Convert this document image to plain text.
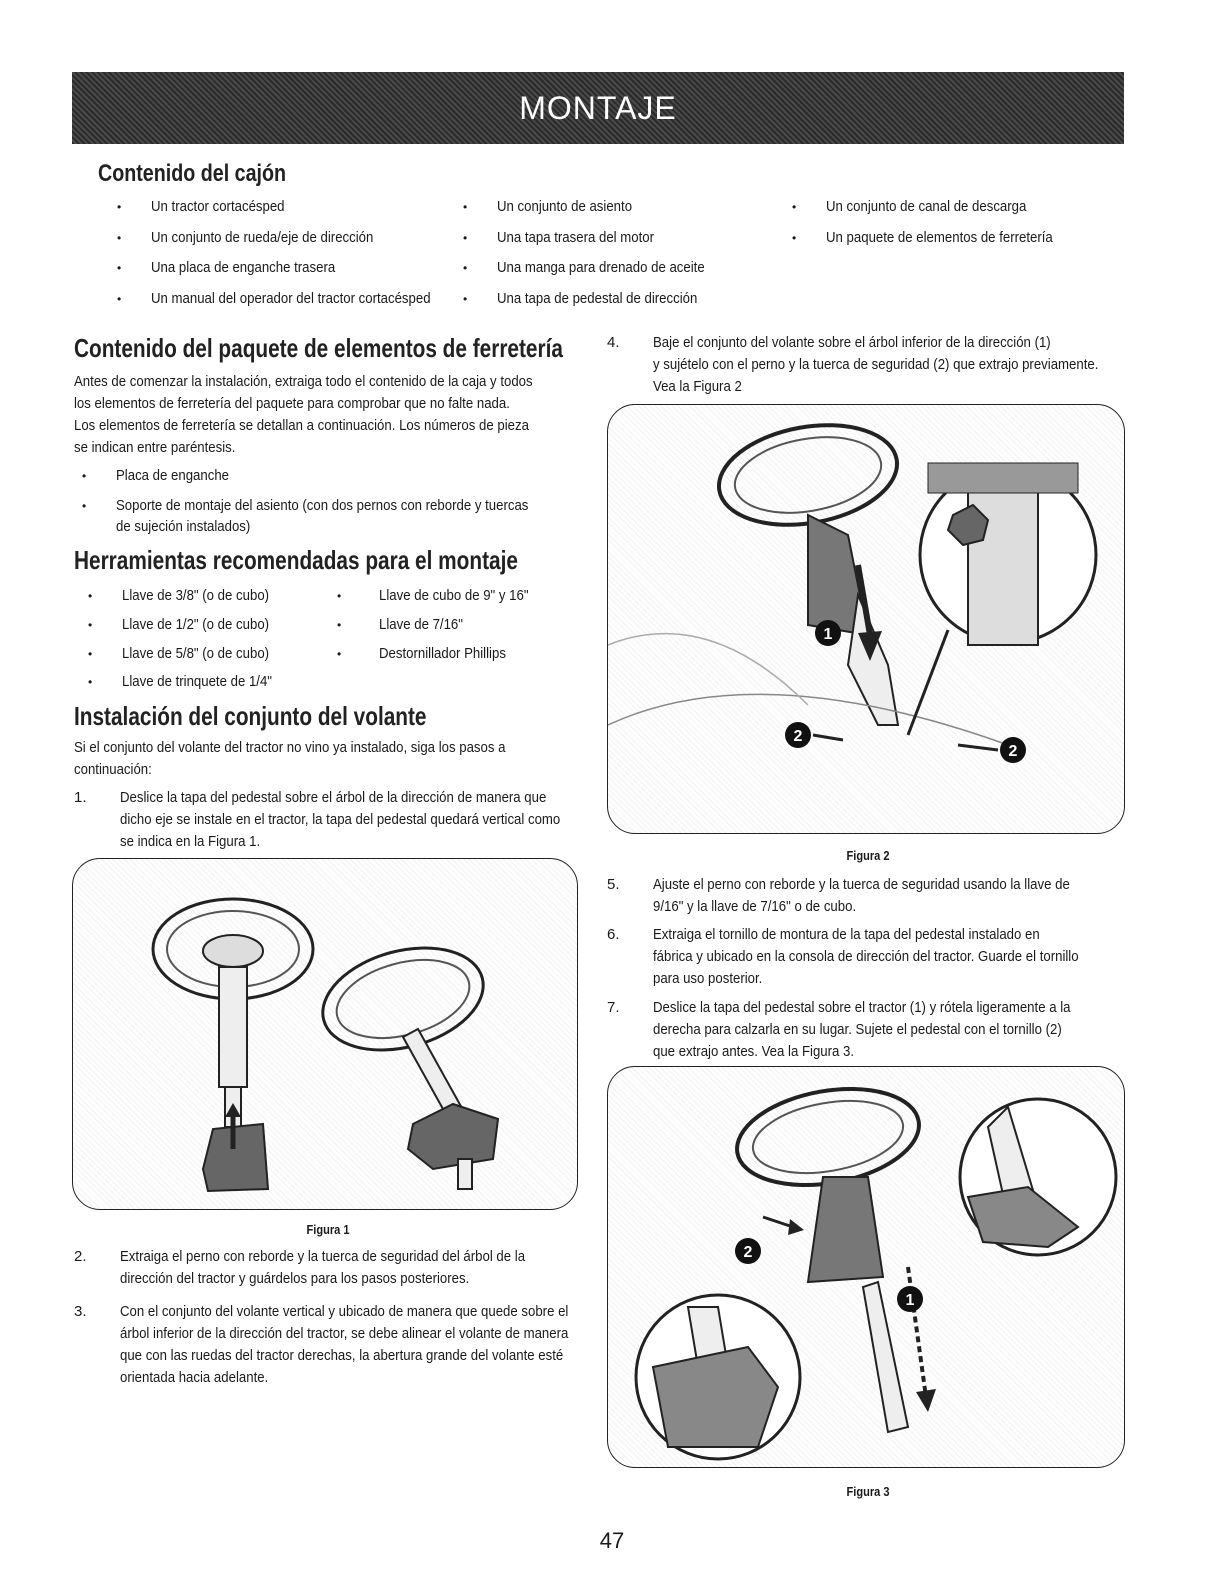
MONTAJE
Contenido del cajón
• Un tractor cortacésped
• Un conjunto de rueda/eje de dirección
• Una placa de enganche trasera
• Un manual del operador del tractor cortacésped
• Un conjunto de asiento
• Una tapa trasera del motor
• Una manga para drenado de aceite
• Una tapa de pedestal de dirección
• Un conjunto de canal de descarga
• Un paquete de elementos de ferretería
Contenido del paquete de elementos de ferretería
Antes de comenzar la instalación, extraiga todo el contenido de la caja y todos
los elementos de ferretería del paquete para comprobar que no falte nada.
Los elementos de ferretería se detallan a continuación. Los números de pieza
se indican entre paréntesis.
• Placa de enganche
• Soporte de montaje del asiento (con dos pernos con reborde y tuercas
de sujeción instalados)
Herramientas recomendadas para el montaje
• Llave de 3/8" (o de cubo)
• Llave de 1/2" (o de cubo)
• Llave de 5/8" (o de cubo)
• Llave de trinquete de 1/4"
•	Llave de cubo de 9" y 16"
•	Llave de 7/16"
•	Destornillador Phillips
Instalación del conjunto del volante
Si el conjunto del volante del tractor no vino ya instalado, siga los pasos a
continuación:
1. Deslice la tapa del pedestal sobre el árbol de la dirección de manera que
dicho eje se instale en el tractor, la tapa del pedestal quedará vertical como
se indica en la Figura 1.
Figura 1
2. Extraiga el perno con reborde y la tuerca de seguridad del árbol de la
dirección del tractor y guárdelos para los pasos posteriores.
3. Con el conjunto del volante vertical y ubicado de manera que quede sobre el
árbol inferior de la dirección del tractor, se debe alinear el volante de manera
que con las ruedas del tractor derechas, la abertura grande del volante esté
orientada hacia adelante.
4. Baje el conjunto del volante sobre el árbol inferior de la dirección (1)
y sujételo con el perno y la tuerca de seguridad (2) que extrajo previamente.
Vea la Figura 2
1
2
2
Figura 2
5. Ajuste el perno con reborde y la tuerca de seguridad usando la llave de
9/16" y la llave de 7/16" o de cubo.
6. Extraiga el tornillo de montura de la tapa del pedestal instalado en
fábrica y ubicado en la consola de dirección del tractor. Guarde el tornillo
para uso posterior.
7. Deslice la tapa del pedestal sobre el tractor (1) y rótela ligeramente a la
derecha para calzarla en su lugar. Sujete el pedestal con el tornillo (2)
que extrajo antes. Vea la Figura 3.
2
1
Figura 3
47
